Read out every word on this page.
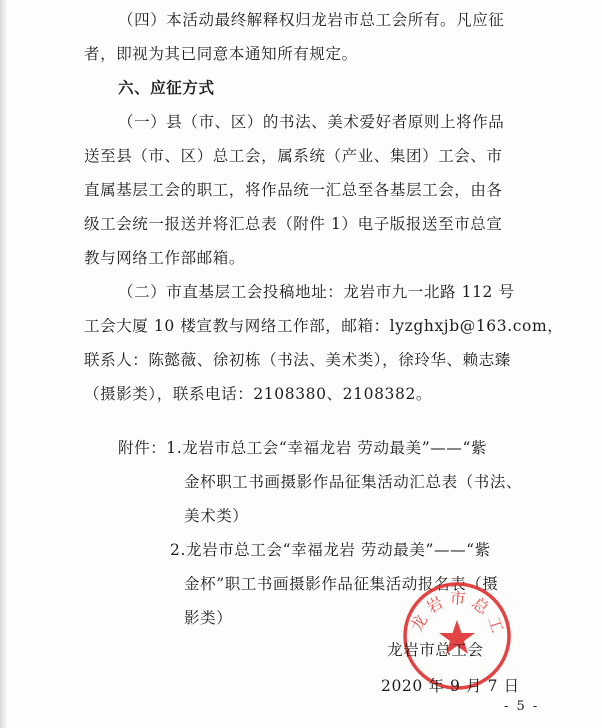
（四）本活动最终解释权归龙岩市总工会所有。凡应征
者，即视为其已同意本通知所有规定。
六、应征方式
（一）县（市、区）的书法、美术爱好者原则上将作品
送至县（市、区）总工会，属系统（产业、集团）工会、市
直属基层工会的职工，将作品统一汇总至各基层工会，由各
级工会统一报送并将汇总表（附件 1）电子版报送至市总宣
教与网络工作部邮箱。
（二）市直基层工会投稿地址：龙岩市九一北路 112 号
工会大厦 10 楼宣教与网络工作部，邮箱：lyzghxjb@163.com，
联系人：陈懿薇、徐初栋（书法、美术类），徐玲华、赖志臻
（摄影类），联系电话：2108380、2108382。
附件：1.龙岩市总工会“幸福龙岩 劳动最美”——“紫
金杯职工书画摄影作品征集活动汇总表（书法、
美术类）
2.龙岩市总工会“幸福龙岩 劳动最美”——“紫
金杯”职工书画摄影作品征集活动报名表（摄
影类）	龙岩市总工
龙岩市总工会
2020 年 9 月 7 日
- 5 -
